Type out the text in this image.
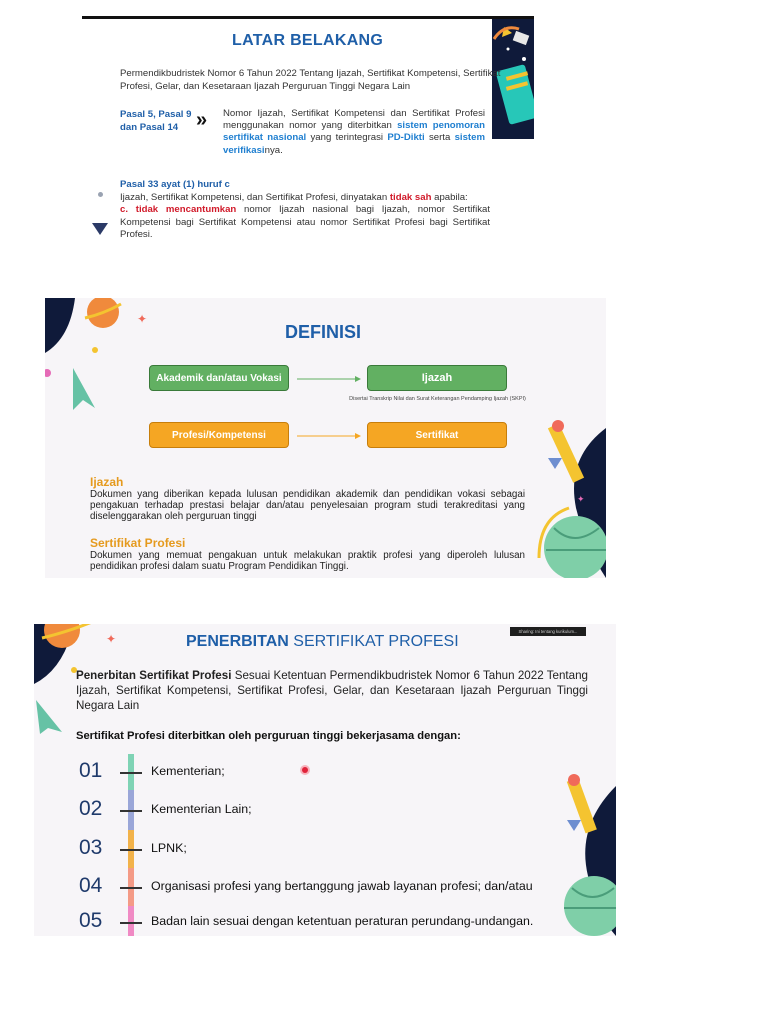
LATAR BELAKANG
Permendikbudristek Nomor 6 Tahun 2022 Tentang Ijazah, Sertifikat Kompetensi, Sertifikat Profesi, Gelar, dan Kesetaraan Ijazah Perguruan Tinggi Negara Lain
Pasal 5, Pasal 9 dan Pasal 14 » Nomor Ijazah, Sertifikat Kompetensi dan Sertifikat Profesi menggunakan nomor yang diterbitkan sistem penomoran sertifikat nasional yang terintegrasi PD-Dikti serta sistem verifikasinya.
Pasal 33 ayat (1) huruf c
Ijazah, Sertifikat Kompetensi, dan Sertifikat Profesi, dinyatakan tidak sah apabila:
c. tidak mencantumkan nomor Ijazah nasional bagi Ijazah, nomor Sertifikat Kompetensi bagi Sertifikat Kompetensi atau nomor Sertifikat Profesi bagi Sertifikat Profesi.
✦
✦
DEFINISI
Akademik dan/atau Vokasi	Ijazah
Profesi/Kompetensi	Sertifikat
Disertai Transkrip Nilai dan Surat Keterangan Pendamping Ijazah (SKPI)
Ijazah
Dokumen yang diberikan kepada lulusan pendidikan akademik dan pendidikan vokasi sebagai pengakuan terhadap prestasi belajar dan/atau penyelesaian program studi terakreditasi yang diselenggarakan oleh perguruan tinggi
Sertifikat Profesi
Dokumen yang memuat pengakuan untuk melakukan praktik profesi yang diperoleh lulusan pendidikan profesi dalam suatu Program Pendidikan Tinggi.
✦
Sharing: Ini tentang kurikulum...
PENERBITAN SERTIFIKAT PROFESI
Penerbitan Sertifikat Profesi Sesuai Ketentuan Permendikbudristek Nomor 6 Tahun 2022 Tentang Ijazah, Sertifikat Kompetensi, Sertifikat Profesi, Gelar, dan Kesetaraan Ijazah Perguruan Tinggi Negara Lain
Sertifikat Profesi diterbitkan oleh perguruan tinggi bekerjasama dengan:
01	Kementerian;
02	Kementerian Lain;
03	LPNK;
04	Organisasi profesi yang bertanggung jawab layanan profesi; dan/atau
05	Badan lain sesuai dengan ketentuan peraturan perundang-undangan.
